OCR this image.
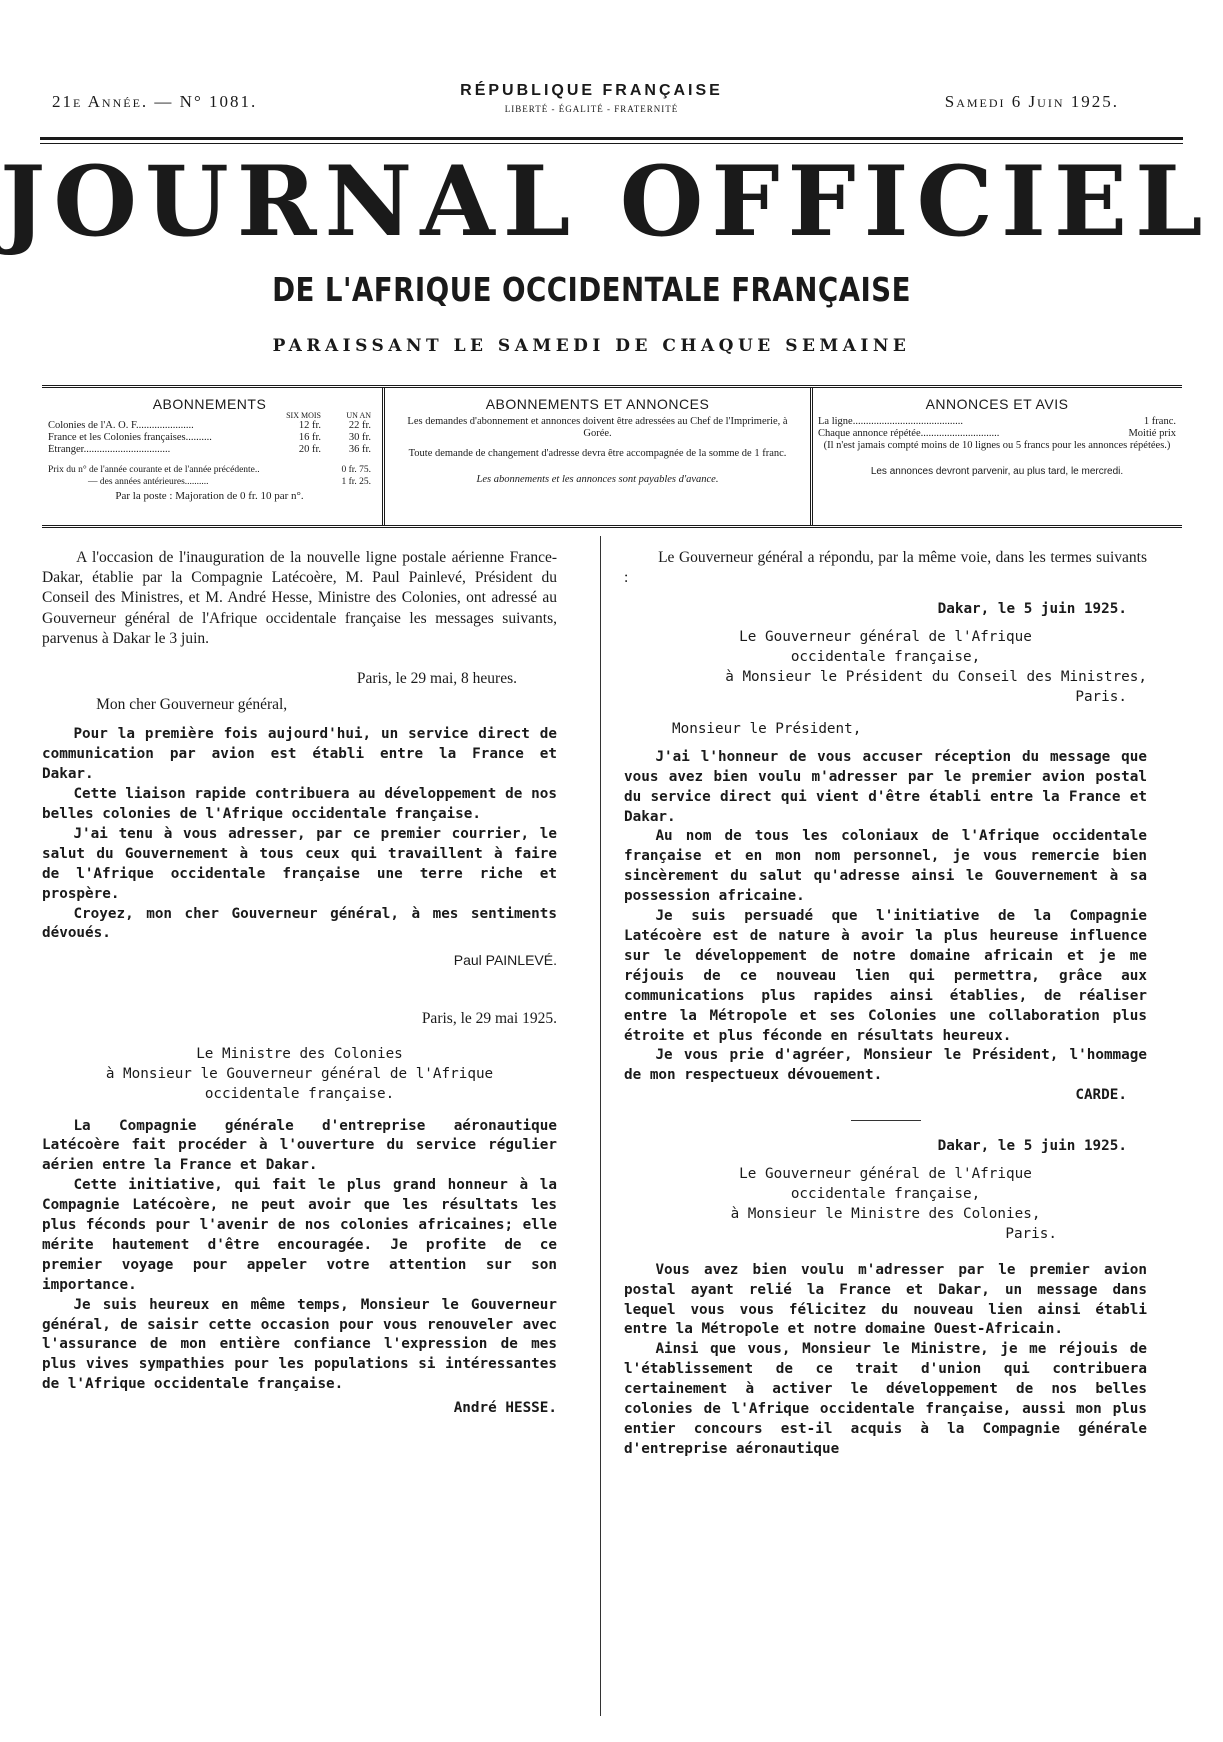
21e Année. — N° 1081.
RÉPUBLIQUE FRANÇAISE
LIBERTÉ - ÉGALITÉ - FRATERNITÉ	Samedi 6 Juin 1925.
JOURNAL OFFICIEL
DE L'AFRIQUE OCCIDENTALE FRANÇAISE
PARAISSANT LE SAMEDI DE CHAQUE SEMAINE
ABONNEMENTS
SIX MOIS	UN AN
Colonies de l'A. O. F......................	12 fr.	22 fr.
France et les Colonies françaises..........	16 fr.	30 fr.
Étranger.................................	20 fr.	36 fr.
Prix du n° de l'année courante et de l'année précédente..	0 fr. 75.
— des années antérieures..........	1 fr. 25.
Par la poste : Majoration de 0 fr. 10 par n°.
ABONNEMENTS ET ANNONCES
Les demandes d'abonnement et annonces doivent être adressées au Chef de l'Imprimerie, à Gorée.
Toute demande de changement d'adresse devra être accompagnée de la somme de 1 franc.
Les abonnements et les annonces sont payables d'avance.
ANNONCES ET AVIS
La ligne..........................................	1 franc.
Chaque annonce répétée..............................	Moitié prix
(Il n'est jamais compté moins de 10 lignes ou 5 francs pour les annonces répétées.)
Les annonces devront parvenir, au plus tard, le mercredi.

A l'occasion de l'inauguration de la nouvelle ligne postale aérienne France-Dakar, établie par la Compagnie Latécoère, M. Paul Painlevé, Président du Conseil des Ministres, et M. André Hesse, Ministre des Colonies, ont adressé au Gouverneur général de l'Afrique occidentale française les messages suivants, parvenus à Dakar le 3 juin.

Paris, le 29 mai, 8 heures.

Mon cher Gouverneur général,

Pour la première fois aujourd'hui, un service direct de communication par avion est établi entre la France et Dakar.

Cette liaison rapide contribuera au développement de nos belles colonies de l'Afrique occidentale française.

J'ai tenu à vous adresser, par ce premier courrier, le salut du Gouvernement à tous ceux qui travaillent à faire de l'Afrique occidentale française une terre riche et prospère.

Croyez, mon cher Gouverneur général, à mes sentiments dévoués.

Paul PAINLEVÉ.

Paris, le 29 mai 1925.

Le Ministre des Colonies

à Monsieur le Gouverneur général de l'Afrique

occidentale française.

La Compagnie générale d'entreprise aéronautique Latécoère fait procéder à l'ouverture du service régulier aérien entre la France et Dakar.

Cette initiative, qui fait le plus grand honneur à la Compagnie Latécoère, ne peut avoir que les résultats les plus féconds pour l'avenir de nos colonies africaines; elle mérite hautement d'être encouragée. Je profite de ce premier voyage pour appeler votre attention sur son importance.

Je suis heureux en même temps, Monsieur le Gouverneur général, de saisir cette occasion pour vous renouveler avec l'assurance de mon entière confiance l'expression de mes plus vives sympathies pour les populations si intéressantes de l'Afrique occidentale française.

André HESSE.

Le Gouverneur général a répondu, par la même voie, dans les termes suivants :

Dakar, le 5 juin 1925.

Le Gouverneur général de l'Afrique

occidentale française,

à Monsieur le Président du Conseil des Ministres,

Paris.

Monsieur le Président,

J'ai l'honneur de vous accuser réception du message que vous avez bien voulu m'adresser par le premier avion postal du service direct qui vient d'être établi entre la France et Dakar.

Au nom de tous les coloniaux de l'Afrique occidentale française et en mon nom personnel, je vous remercie bien sincèrement du salut qu'adresse ainsi le Gouvernement à sa possession africaine.

Je suis persuadé que l'initiative de la Compagnie Latécoère est de nature à avoir la plus heureuse influence sur le développement de notre domaine africain et je me réjouis de ce nouveau lien qui permettra, grâce aux communications plus rapides ainsi établies, de réaliser entre la Métropole et ses Colonies une collaboration plus étroite et plus féconde en résultats heureux.

Je vous prie d'agréer, Monsieur le Président, l'hommage de mon respectueux dévouement.

CARDE.

Dakar, le 5 juin 1925.

Le Gouverneur général de l'Afrique

occidentale française,

à Monsieur le Ministre des Colonies,

Paris.

Vous avez bien voulu m'adresser par le premier avion postal ayant relié la France et Dakar, un message dans lequel vous vous félicitez du nouveau lien ainsi établi entre la Métropole et notre domaine Ouest-Africain.

Ainsi que vous, Monsieur le Ministre, je me réjouis de l'établissement de ce trait d'union qui contribuera certainement à activer le développement de nos belles colonies de l'Afrique occidentale française, aussi mon plus entier concours est-il acquis à la Compagnie générale d'entreprise aéronautique
